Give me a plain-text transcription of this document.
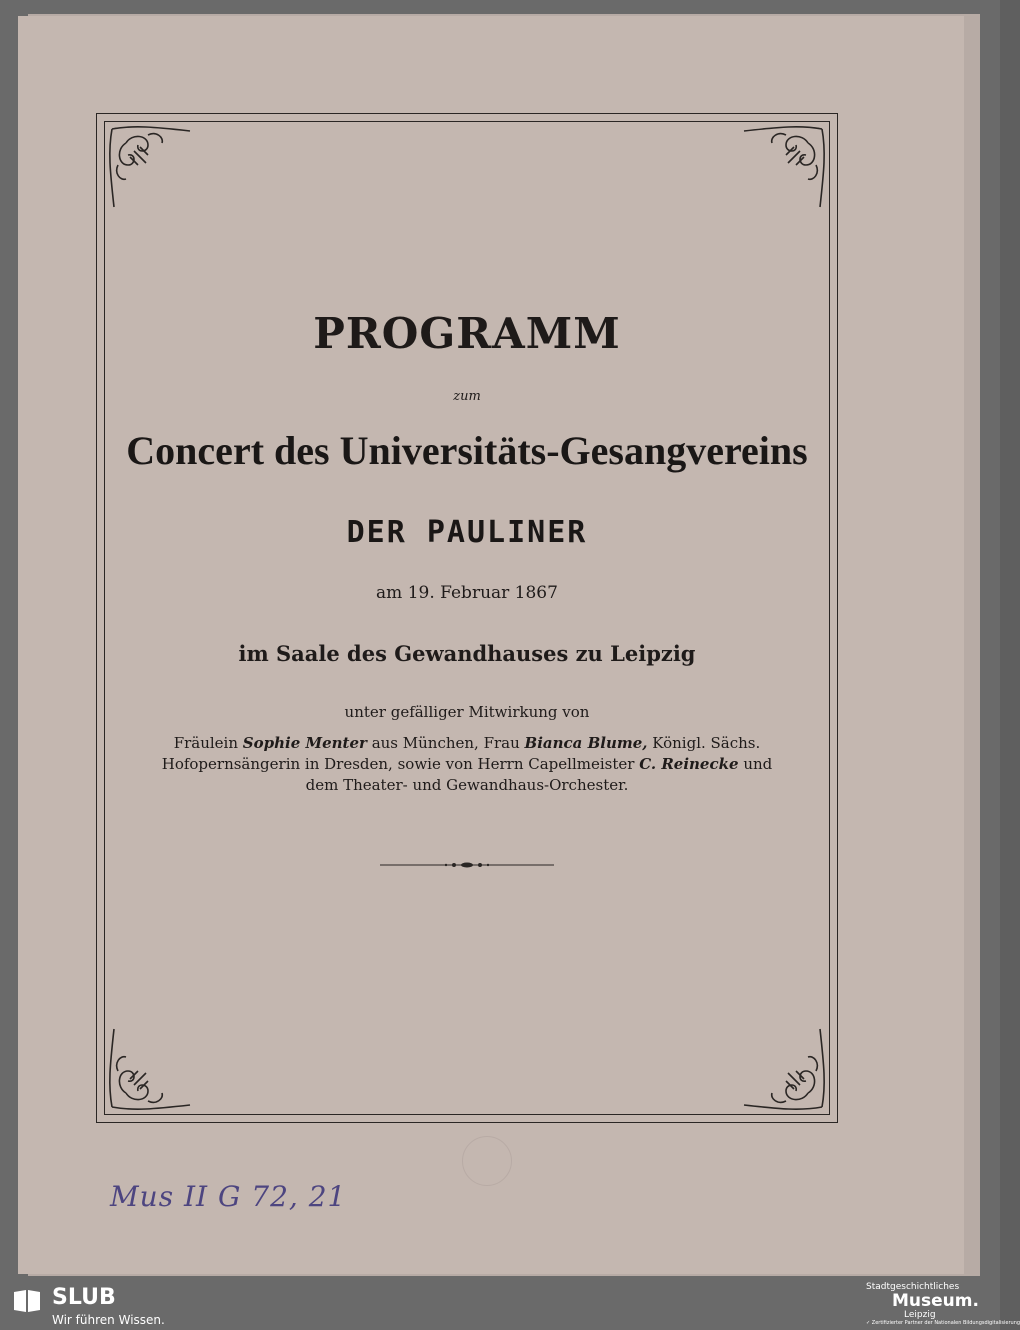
PROGRAMM
zum
Concert des Universitäts-Gesangvereins
DER PAULINER
am 19. Februar 1867
im Saale des Gewandhauses zu Leipzig
unter gefälliger Mitwirkung von
Fräulein Sophie Menter aus München, Frau Bianca Blume, Königl. Sächs. Hofopernsängerin in Dresden, sowie von Herrn Capellmeister C. Reinecke und dem Theater- und Gewandhaus-Orchester.
Mus II G 72, 21
SLUB
Wir führen Wissen.
Stadtgeschichtliches
Museum.
Leipzig
✓ Zertifizierter Partner der Nationalen Bildungsdigitalisierung
